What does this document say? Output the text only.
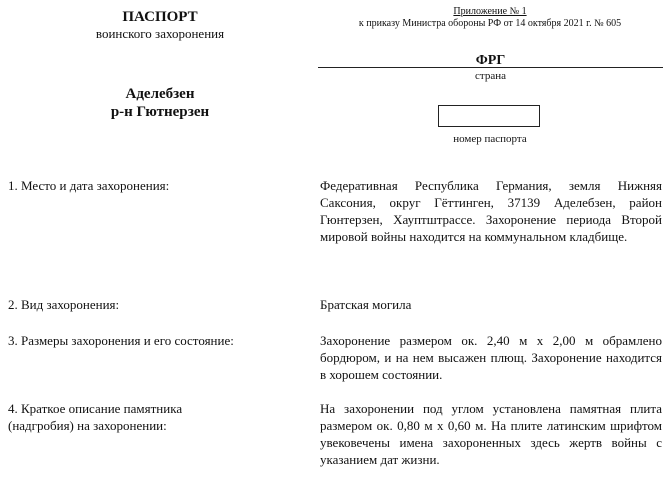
ПАСПОРТ
воинского захоронения
Приложение № 1
к приказу Министра обороны РФ от 14 октября 2021 г. № 605
ФРГ
страна
Аделебзен
р-н Гютнерзен
номер паспорта
1. Место и дата захоронения:	Федеративная Республика Германия, земля Нижняя Саксония, округ Гёттинген, 37139 Аделебзен, район Гюнтерзен, Хауптштрассе. Захоронение периода Второй мировой войны находится на коммунальном кладбище.
2. Вид захоронения:	Братская могила
3. Размеры захоронения и его состояние:	Захоронение размером ок. 2,40 м х 2,00 м обрамлено бордюром, и на нем высажен плющ. Захоронение находится в хорошем состоянии.
4. Краткое описание памятника
(надгробия) на захоронении:
На захоронении под углом установлена памятная плита размером ок. 0,80 м х 0,60 м. На плите латинским шрифтом увековечены имена захороненных здесь жертв войны с указанием дат жизни.
